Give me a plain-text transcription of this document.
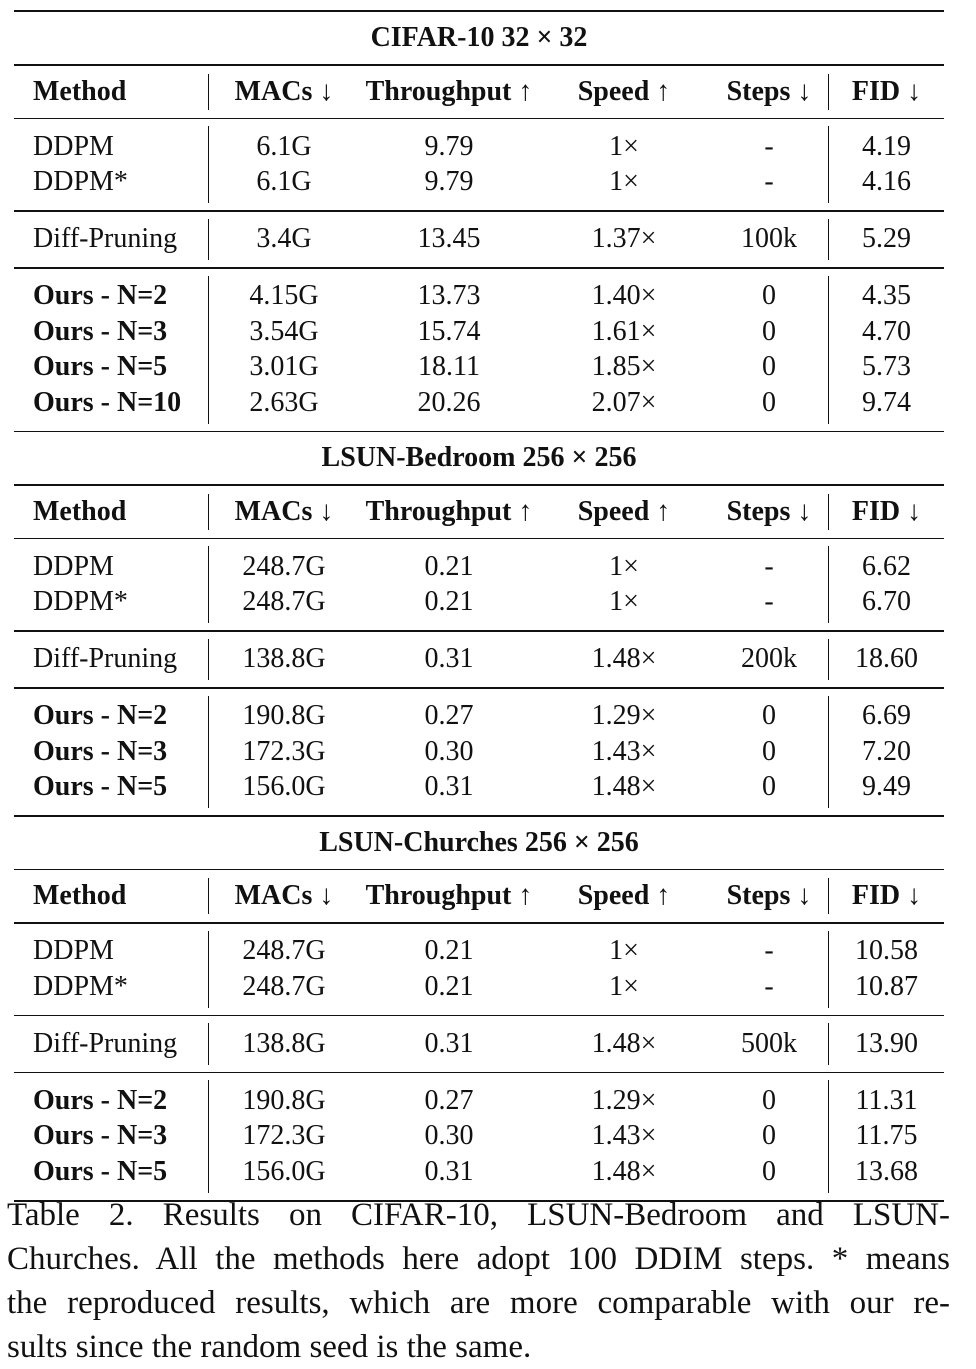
CIFAR-10 32 × 32
Method	MACs ↓	Throughput ↑	Speed ↑	Steps ↓	FID ↓
DDPM	6.1G	9.79	1×	-	4.19
DDPM*	6.1G	9.79	1×	-	4.16
Diff-Pruning	3.4G	13.45	1.37×	100k	5.29
Ours - N=2	4.15G	13.73	1.40×	0	4.35
Ours - N=3	3.54G	15.74	1.61×	0	4.70
Ours - N=5	3.01G	18.11	1.85×	0	5.73
Ours - N=10	2.63G	20.26	2.07×	0	9.74
LSUN-Bedroom 256 × 256
Method	MACs ↓	Throughput ↑	Speed ↑	Steps ↓	FID ↓
DDPM	248.7G	0.21	1×	-	6.62
DDPM*	248.7G	0.21	1×	-	6.70
Diff-Pruning	138.8G	0.31	1.48×	200k	18.60
Ours - N=2	190.8G	0.27	1.29×	0	6.69
Ours - N=3	172.3G	0.30	1.43×	0	7.20
Ours - N=5	156.0G	0.31	1.48×	0	9.49
LSUN-Churches 256 × 256
Method	MACs ↓	Throughput ↑	Speed ↑	Steps ↓	FID ↓
DDPM	248.7G	0.21	1×	-	10.58
DDPM*	248.7G	0.21	1×	-	10.87
Diff-Pruning	138.8G	0.31	1.48×	500k	13.90
Ours - N=2	190.8G	0.27	1.29×	0	11.31
Ours - N=3	172.3G	0.30	1.43×	0	11.75
Ours - N=5	156.0G	0.31	1.48×	0	13.68
Table 2. Results on CIFAR-10, LSUN-Bedroom and LSUN-
Churches. All the methods here adopt 100 DDIM steps. * means
the reproduced results, which are more comparable with our re-
sults since the random seed is the same.
